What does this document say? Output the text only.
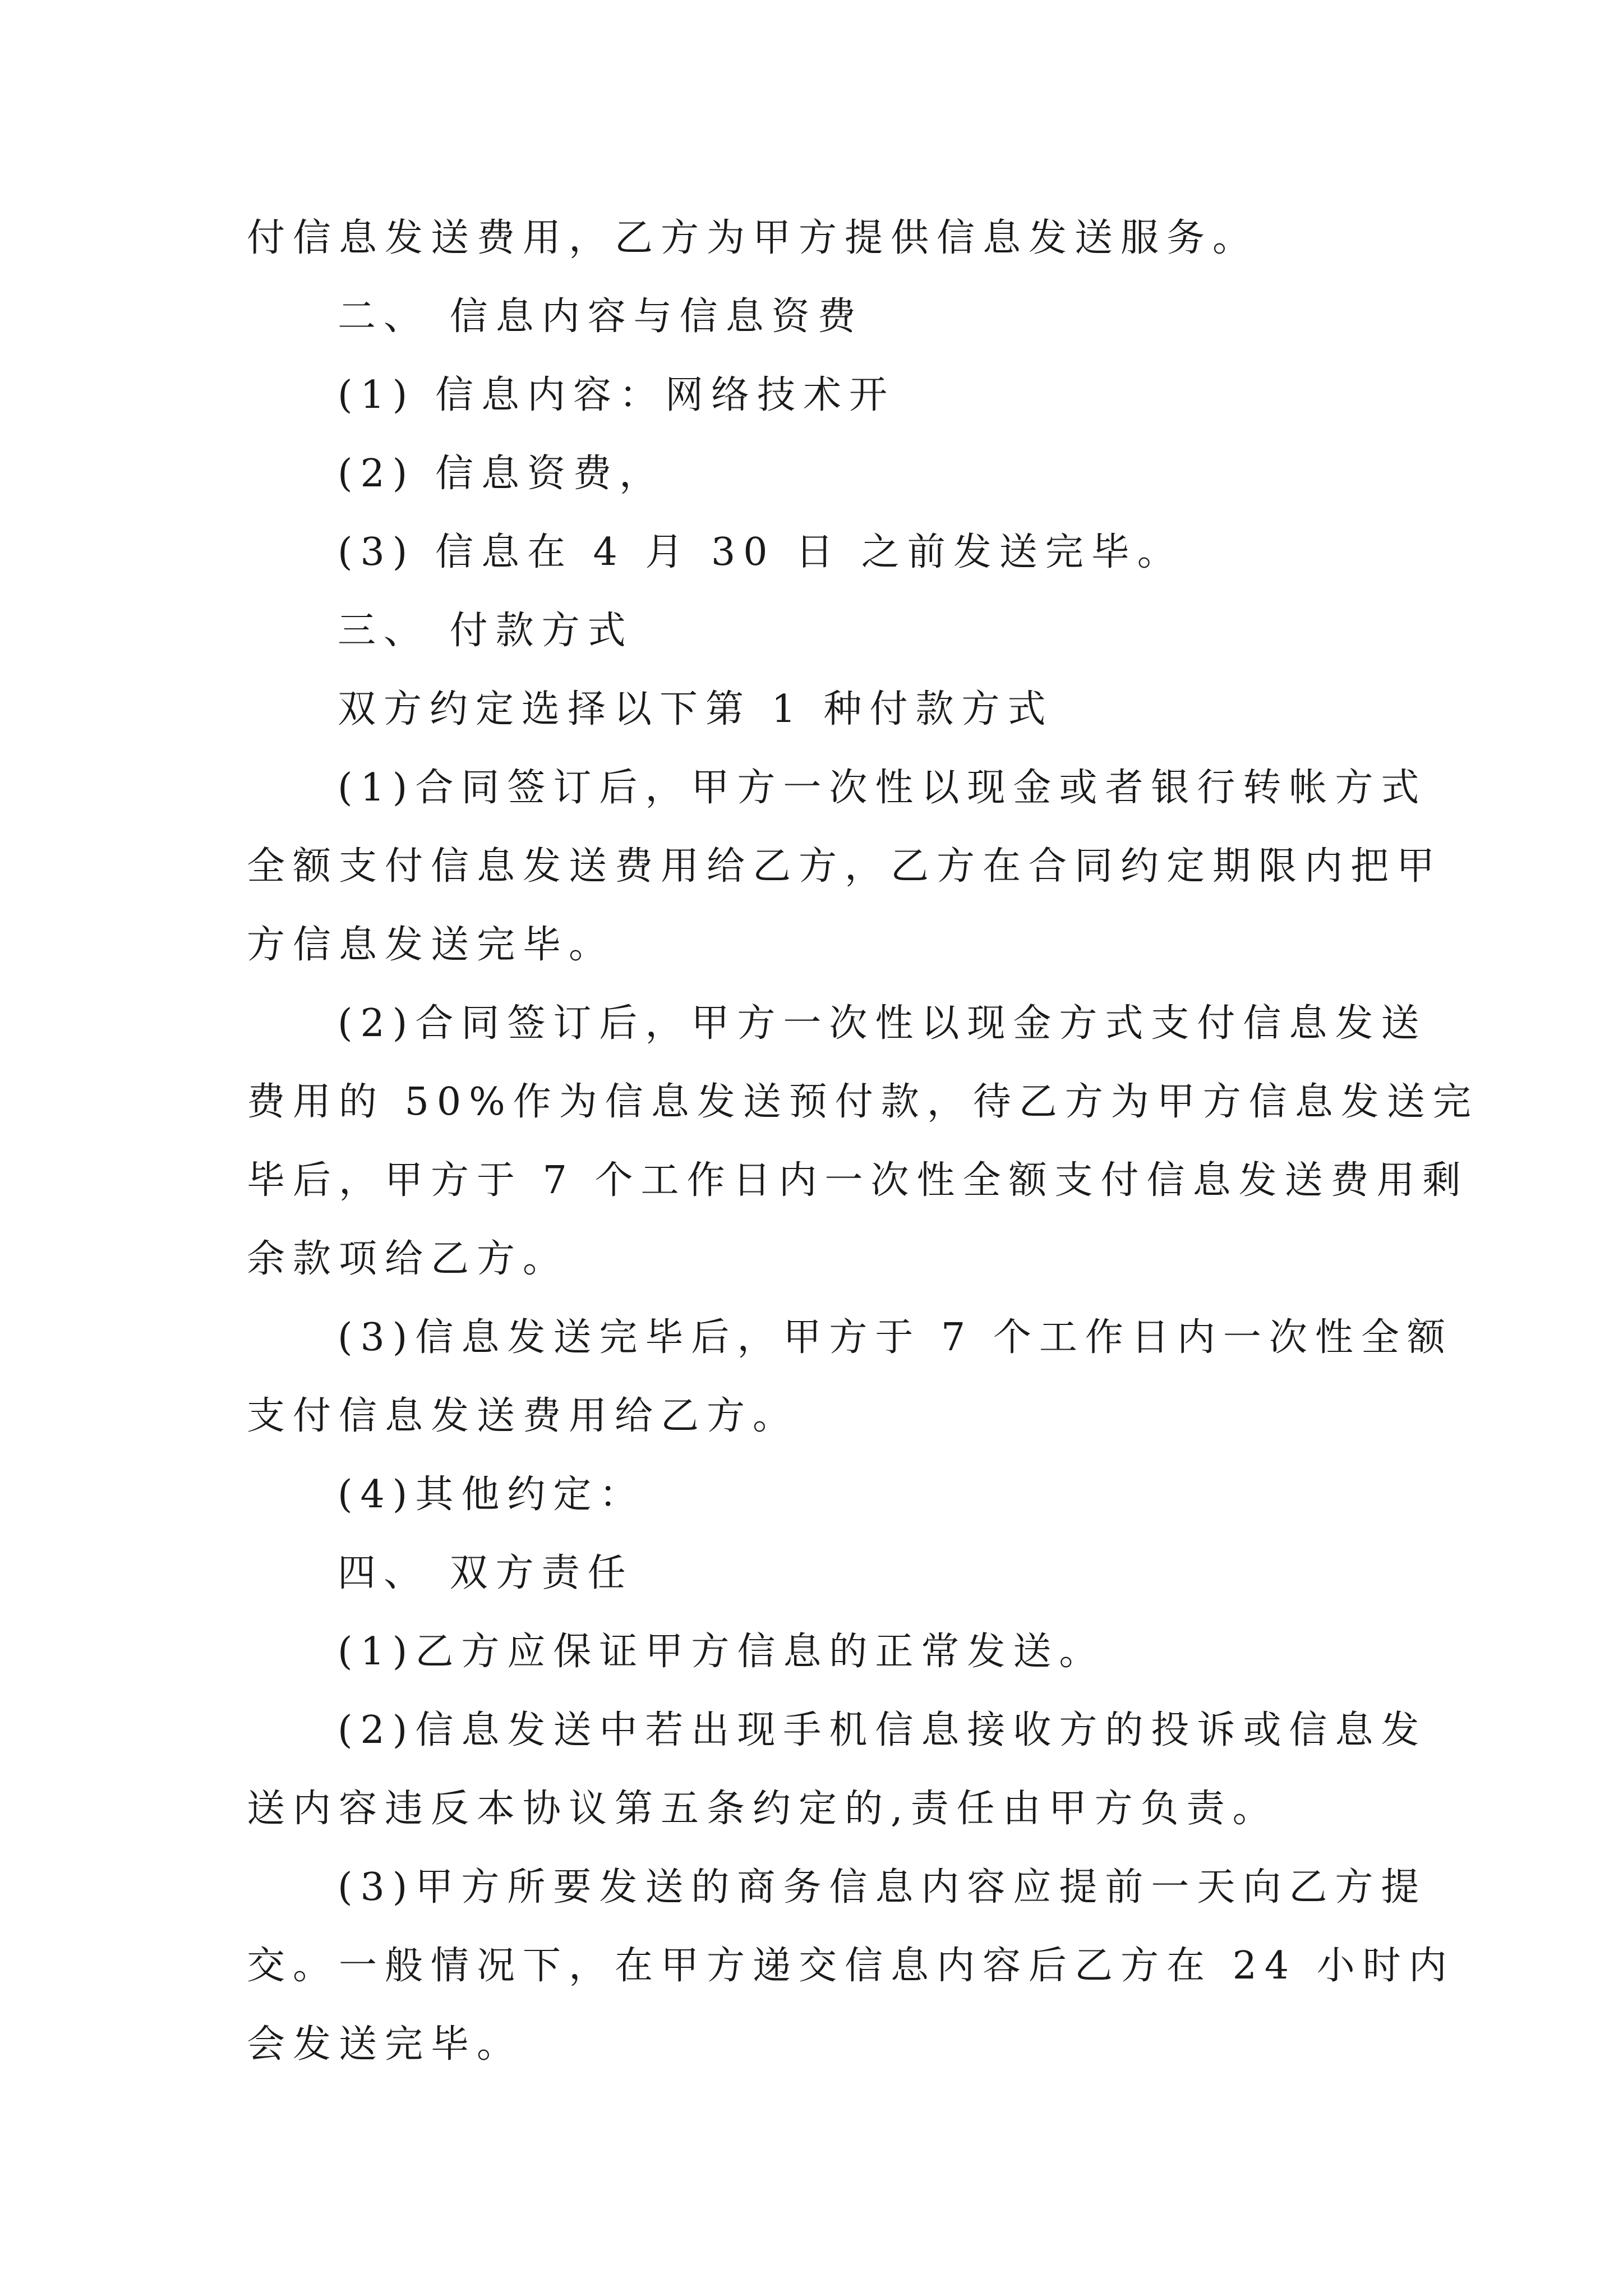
付信息发送费用，乙方为甲方提供信息发送服务。
二、 信息内容与信息资费
(1) 信息内容：网络技术开
(2) 信息资费，
(3) 信息在 4 月 30 日 之前发送完毕。
三、 付款方式
双方约定选择以下第 1 种付款方式
(1)合同签订后，甲方一次性以现金或者银行转帐方式
全额支付信息发送费用给乙方，乙方在合同约定期限内把甲
方信息发送完毕。
(2)合同签订后，甲方一次性以现金方式支付信息发送
费用的 50%作为信息发送预付款，待乙方为甲方信息发送完
毕后，甲方于 7 个工作日内一次性全额支付信息发送费用剩
余款项给乙方。
(3)信息发送完毕后，甲方于 7 个工作日内一次性全额
支付信息发送费用给乙方。
(4)其他约定：
四、 双方责任
(1)乙方应保证甲方信息的正常发送。
(2)信息发送中若出现手机信息接收方的投诉或信息发
送内容违反本协议第五条约定的,责任由甲方负责。
(3)甲方所要发送的商务信息内容应提前一天向乙方提
交。一般情况下，在甲方递交信息内容后乙方在 24 小时内
会发送完毕。
